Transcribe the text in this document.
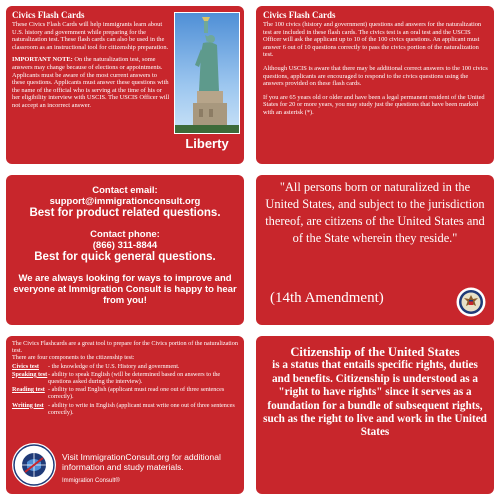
Civics Flash Cards
These Civics Flash Cards will help immigrants learn about U.S. history and government while preparing for the naturalization test. These flash cards can also be used in the classroom as an instructional tool for citizenship preparation.
IMPORTANT NOTE: On the naturalization test, some answers may change because of elections or appointments. Applicants must be aware of the most current answers to these questions. Applicants must answer these questions with the name of the official who is serving at the time of his or her eligibility interview with USCIS. The USCIS Officer will not accept an incorrect answer.
Liberty
Civics Flash Cards
The 100 civics (history and government) questions and answers for the naturalization test are included in these flash cards. The civics test is an oral test and the USCIS Officer will ask the applicant up to 10 of the 100 civics questions. An applicant must answer 6 out of 10 questions correctly to pass the civics portion of the naturalization test.
Although USCIS is aware that there may be additional correct answers to the 100 civics questions, applicants are encouraged to respond to the civics questions using the answers provided on these flash cards.
If you are 65 years old or older and have been a legal permanent resident of the United States for 20 or more years, you may study just the questions that have been marked with an asterisk (*).
Contact email:
support@immigrationconsult.org
Best for product related questions.
Contact phone:
(866) 311-8844
Best for quick general questions.
We are always looking for ways to improve and everyone at Immigration Consult is happy to hear from you!
"All persons born or naturalized in the United States, and subject to the jurisdiction thereof, are citizens of the United States and of the State wherein they reside."
(14th Amendment)
The Civics Flashcards are a great tool to prepare for the Civics portion of the naturalization test.
There are four components to the citizenship test:
Civics test	- the knowledge of the U.S. History and government.
Speaking test - ability to speak English (will be determined based on answers to the questions asked during the interview).
Reading test - ability to read English (applicant must read one out of three sentences correctly).
Writing test - ability to write in English (applicant must write one out of three sentences correctly).
Visit ImmigrationConsult.org for additional information and study materials.
Immigration Consult®
Citizenship of the United States
is a status that entails specific rights, duties and benefits. Citizenship is understood as a "right to have rights" since it serves as a foundation for a bundle of subsequent rights, such as the right to live and work in the United States
